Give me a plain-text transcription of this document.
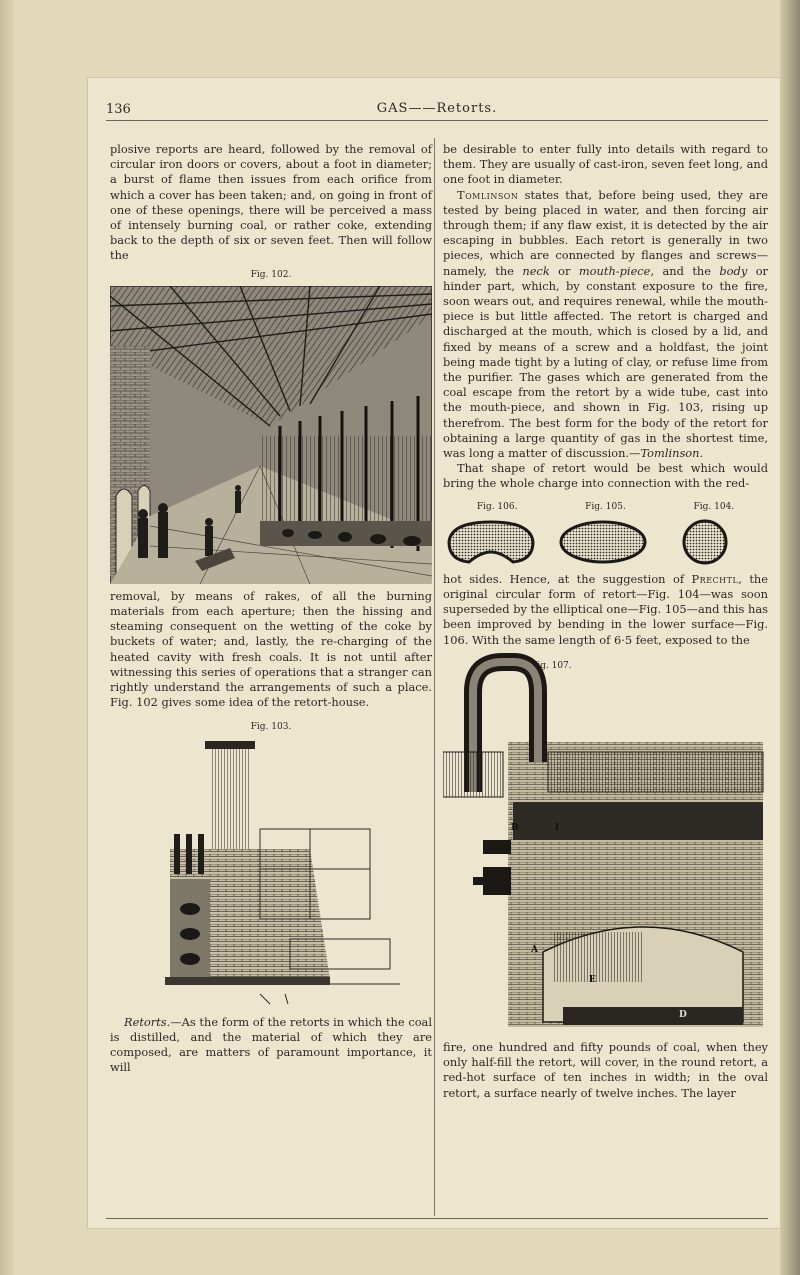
136	GAS——Retorts.

plosive reports are heard, followed by the removal of circular iron doors or covers, about a foot in diameter; a burst of flame then issues from each orifice from which a cover has been taken; and, on going in front of one of these openings, there will be perceived a mass of intensely burning coal, or rather coke, extending back to the depth of six or seven feet. Then will follow the

Fig. 102.

removal, by means of rakes, of all the burning materials from each aperture; then the hissing and steaming consequent on the wetting of the coke by buckets of water; and, lastly, the re-charging of the heated cavity with fresh coals. It is not until after witnessing this series of operations that a stranger can rightly understand the arrangements of such a place. Fig. 102 gives some idea of the retort-house.

Fig. 103.

Retorts.—As the form of the retorts in which the coal is distilled, and the material of which they are composed, are matters of paramount importance, it will

be desirable to enter fully into details with regard to them. They are usually of cast-iron, seven feet long, and one foot in diameter.

Tomlinson states that, before being used, they are tested by being placed in water, and then forcing air through them; if any flaw exist, it is detected by the air escaping in bubbles. Each retort is generally in two pieces, which are connected by flanges and screws—namely, the neck or mouth-piece, and the body or hinder part, which, by constant exposure to the fire, soon wears out, and requires renewal, while the mouth-piece is but little affected. The retort is charged and discharged at the mouth, which is closed by a lid, and fixed by means of a screw and a holdfast, the joint being made tight by a luting of clay, or refuse lime from the purifier. The gases which are generated from the coal escape from the retort by a wide tube, cast into the mouth-piece, and shown in Fig. 103, rising up therefrom. The best form for the body of the retort for obtaining a large quantity of gas in the shortest time, was long a matter of discussion.—Tomlinson.

That shape of retort would be best which would bring the whole charge into connection with the red-

Fig. 106.	Fig. 105.	Fig. 104.

hot sides. Hence, at the suggestion of Prechtl, the original circular form of retort—Fig. 104—was soon superseded by the elliptical one—Fig. 105—and this has been improved by bending in the lower surface—Fig. 106. With the same length of 6·5 feet, exposed to the

Fig. 107.
B	I
A
E
D

fire, one hundred and fifty pounds of coal, when they only half-fill the retort, will cover, in the round retort, a red-hot surface of ten inches in width; in the oval retort, a surface nearly of twelve inches. The layer
